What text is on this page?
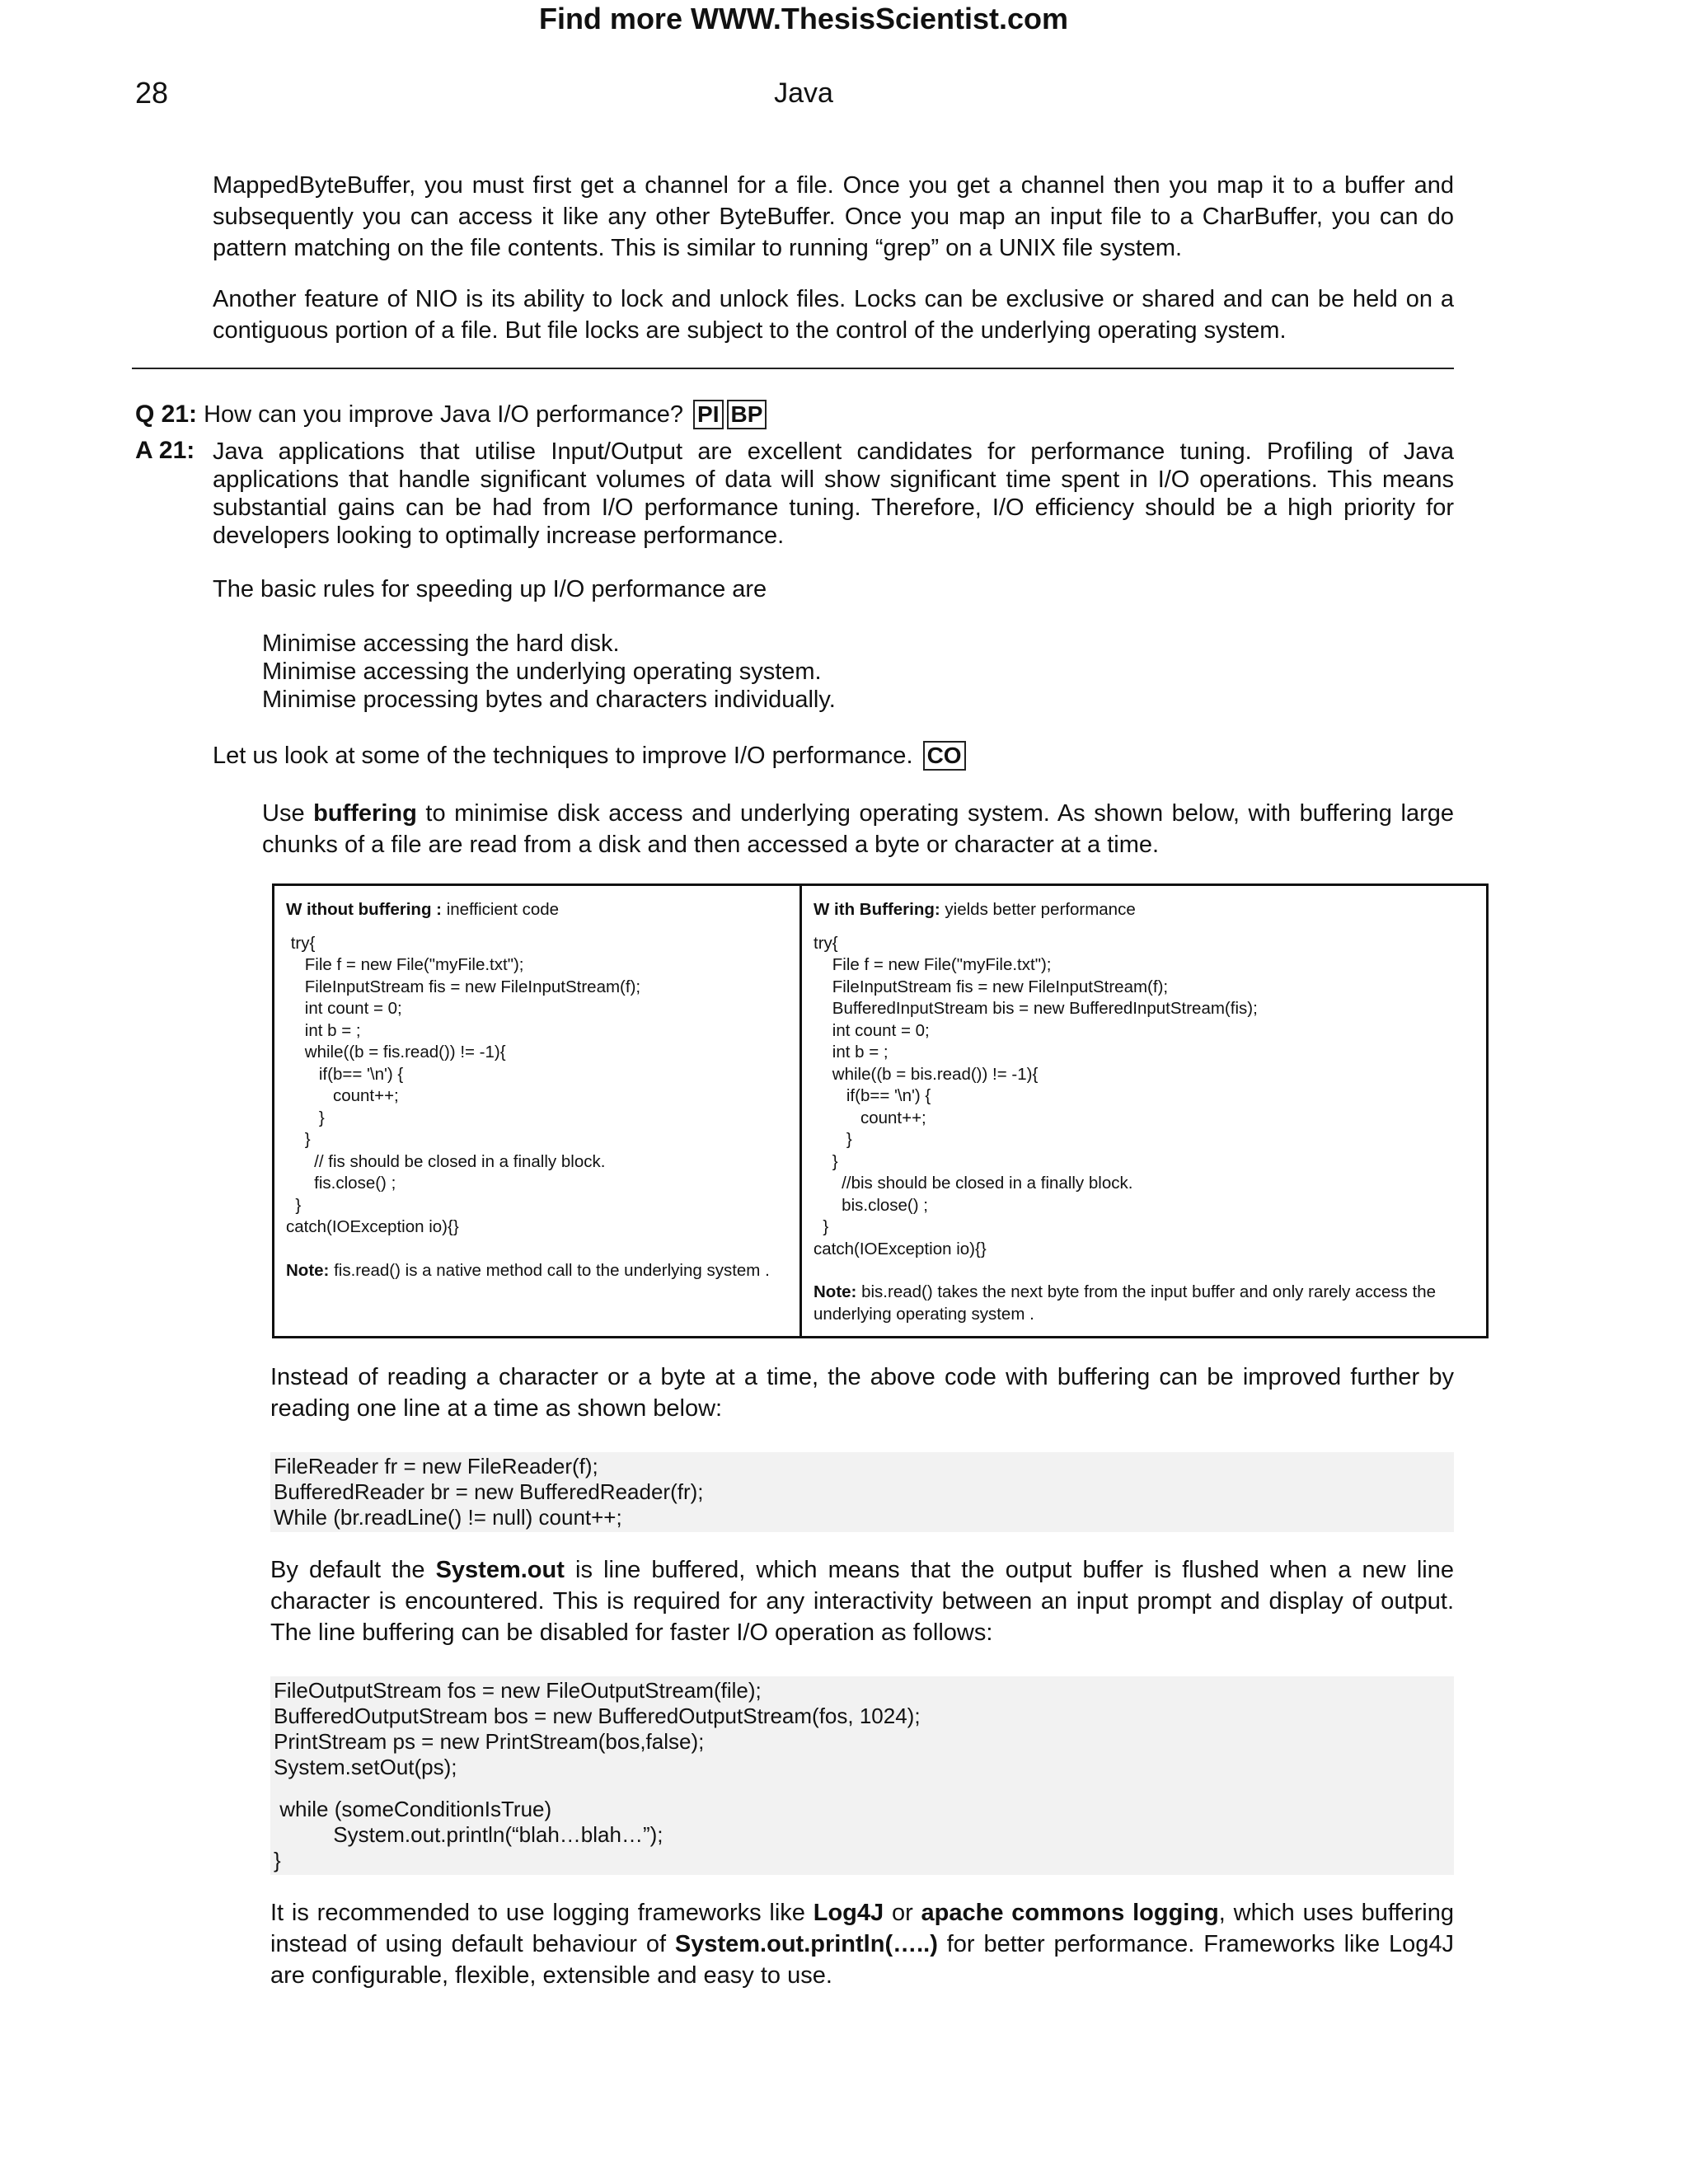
Find more WWW.ThesisScientist.com
28	Java
MappedByteBuffer, you must first get a channel for a file. Once you get a channel then you map it to a buffer and subsequently you can access it like any other ByteBuffer. Once you map an input file to a CharBuffer, you can do pattern matching on the file contents. This is similar to running “grep” on a UNIX file system.
Another feature of NIO is its ability to lock and unlock files. Locks can be exclusive or shared and can be held on a contiguous portion of a file. But file locks are subject to the control of the underlying operating system.
Q 21: How can you improve Java I/O performance? PI BP
A 21: Java applications that utilise Input/Output are excellent candidates for performance tuning. Profiling of Java applications that handle significant volumes of data will show significant time spent in I/O operations. This means substantial gains can be had from I/O performance tuning. Therefore, I/O efficiency should be a high priority for developers looking to optimally increase performance.
The basic rules for speeding up I/O performance are
Minimise accessing the hard disk.
Minimise accessing the underlying operating system.
Minimise processing bytes and characters individually.
Let us look at some of the techniques to improve I/O performance. CO
Use buffering to minimise disk access and underlying operating system. As shown below, with buffering large chunks of a file are read from a disk and then accessed a byte or character at a time.
W ithout buffering : inefficient code
try{
File f = new File("myFile.txt");
FileInputStream fis = new FileInputStream(f);
int count = 0;
int b = ;
while((b = fis.read()) != -1){
if(b== '\n') {
count++;
}
}
// fis should be closed in a finally block.
fis.close() ;
}
catch(IOException io){}
Note: fis.read() is a native method call to the underlying system .
W ith Buffering: yields better performance
try{
File f = new File("myFile.txt");
FileInputStream fis = new FileInputStream(f);
BufferedInputStream bis = new BufferedInputStream(fis);
int count = 0;
int b = ;
while((b = bis.read()) != -1){
if(b== '\n') {
count++;
}
}
//bis should be closed in a finally block.
bis.close() ;
}
catch(IOException io){}
Note: bis.read() takes the next byte from the input buffer and only rarely access the underlying operating system .
Instead of reading a character or a byte at a time, the above code with buffering can be improved further by reading one line at a time as shown below:
FileReader fr = new FileReader(f);
BufferedReader br = new BufferedReader(fr);
While (br.readLine() != null) count++;
By default the System.out is line buffered, which means that the output buffer is flushed when a new line character is encountered. This is required for any interactivity between an input prompt and display of output. The line buffering can be disabled for faster I/O operation as follows:
FileOutputStream fos = new FileOutputStream(file);
BufferedOutputStream bos = new BufferedOutputStream(fos, 1024);
PrintStream ps = new PrintStream(bos,false);
System.setOut(ps);
while (someConditionIsTrue)
System.out.println(“blah…blah…”);
}
It is recommended to use logging frameworks like Log4J or apache commons logging, which uses buffering instead of using default behaviour of System.out.println(…..) for better performance. Frameworks like Log4J are configurable, flexible, extensible and easy to use.
